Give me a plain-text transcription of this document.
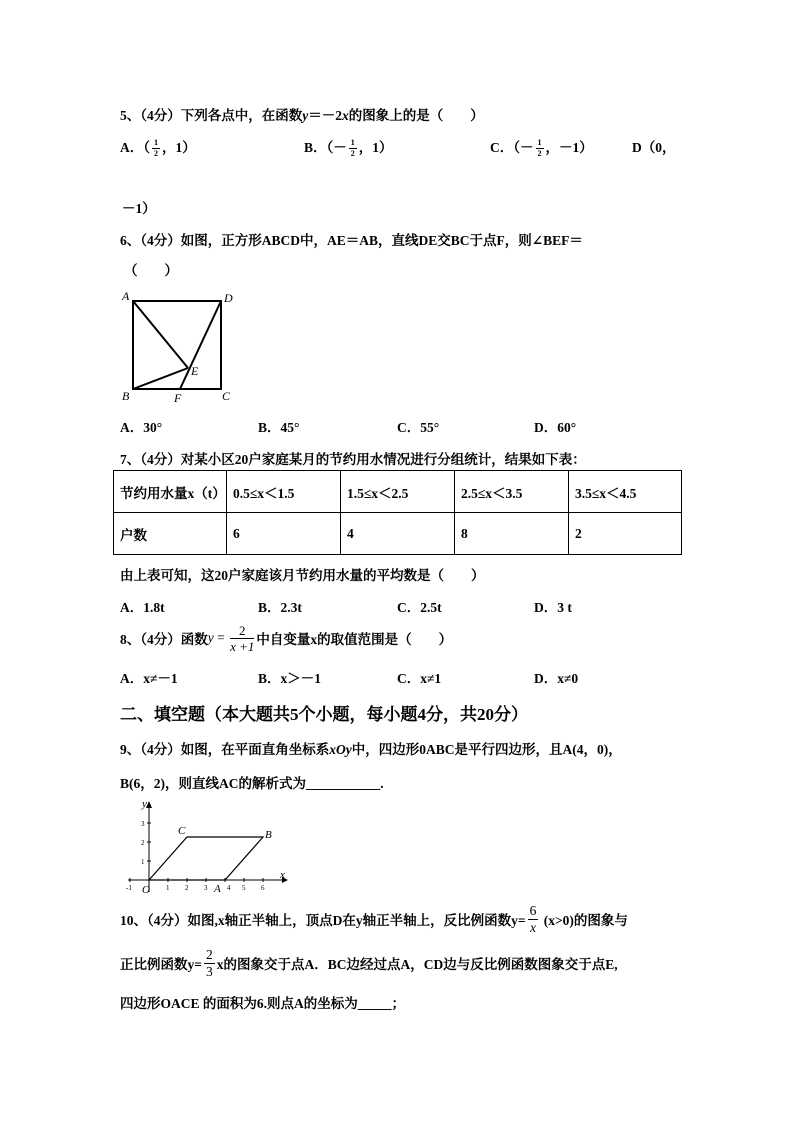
5、（4分）下列各点中，在函数y＝－2x的图象上的是（　　）
A．（ $\frac{1}{2}$ ，1）	B．（－ $\frac{1}{2}$ ，1）	C．（－ $\frac{1}{2}$ ，－1）	D（0，
－1）
6、（4分）如图，正方形ABCD中，AE＝AB，直线DE交BC于点F，则∠BEF＝
（　　）
A	D
B	C
E
F
A．30°	B．45°	C．55°	D．60°
7、（4分）对某小区20户家庭某月的节约用水情况进行分组统计，结果如下表：
节约用水量x（t）	0.5≤x＜1.5	1.5≤x＜2.5	2.5≤x＜3.5	3.5≤x＜4.5
户数	6	4	8	2
由上表可知，这20户家庭该月节约用水量的平均数是（　　）
A．1.8t	B．2.3t	C．2.5t	D．3 t
8、（4分）函数 $y = \frac{2}{x +1}$ 中自变量x的取值范围是（　　）
A．x≠－1	B．x＞－1	C．x≠1	D．x≠0
二、填空题（本大题共5个小题，每小题4分，共20分）
9、（4分）如图，在平面直角坐标系xOy中，四边形0ABC是平行四边形，且A(4，0)，
B(6，2)，则直线AC的解析式为___________.
-1	1 2 3	4 5 6
1
2
3
y
x
O
C	B
A
10、（4分）如图,x轴正半轴上，顶点D在y轴正半轴上，反比例函数$y= \frac{6}{x} (x>0)$的图象与
正比例函数$y= \frac{2}{3}$ x的图象交于点A．BC边经过点A，CD边与反比例函数图象交于点E,
四边形OACE 的面积为6.则点A的坐标为_____；
